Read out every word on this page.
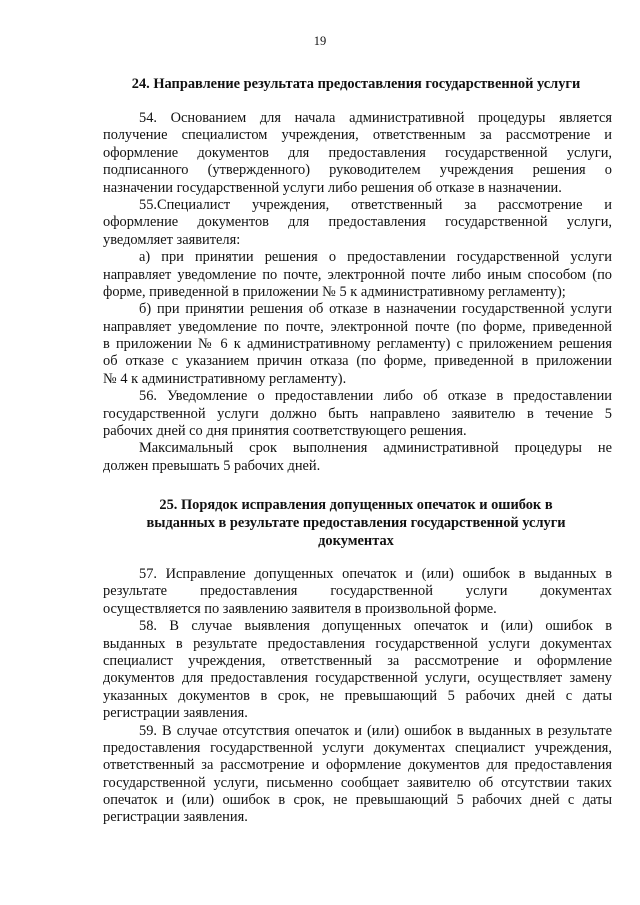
19
24. Направление результата предоставления государственной услуги
54. Основанием для начала административной процедуры является
получение специалистом учреждения, ответственным за рассмотрение и
оформление документов для предоставления государственной услуги,
подписанного (утвержденного) руководителем учреждения решения о
назначении государственной услуги либо решения об отказе в назначении.
55.Специалист учреждения, ответственный за рассмотрение и
оформление документов для предоставления государственной услуги,
уведомляет заявителя:
а) при принятии решения о предоставлении государственной услуги
направляет уведомление по почте, электронной почте либо иным способом (по
форме, приведенной в приложении № 5 к административному регламенту);
б) при принятии решения об отказе в назначении государственной услуги
направляет уведомление по почте, электронной почте (по форме, приведенной
в приложении № 6 к административному регламенту) с приложением решения
об отказе с указанием причин отказа (по форме, приведенной в приложении
№ 4 к административному регламенту).
56. Уведомление о предоставлении либо об отказе в предоставлении
государственной услуги должно быть направлено заявителю в течение 5
рабочих дней со дня принятия соответствующего решения.
Максимальный срок выполнения административной процедуры не
должен превышать 5 рабочих дней.
25. Порядок исправления допущенных опечаток и ошибок в
выданных в результате предоставления государственной услуги
документах
57. Исправление допущенных опечаток и (или) ошибок в выданных в
результате предоставления государственной услуги документах
осуществляется по заявлению заявителя в произвольной форме.
58. В случае выявления допущенных опечаток и (или) ошибок в
выданных в результате предоставления государственной услуги документах
специалист учреждения, ответственный за рассмотрение и оформление
документов для предоставления государственной услуги, осуществляет замену
указанных документов в срок, не превышающий 5 рабочих дней с даты
регистрации заявления.
59. В случае отсутствия опечаток и (или) ошибок в выданных в результате
предоставления государственной услуги документах специалист учреждения,
ответственный за рассмотрение и оформление документов для предоставления
государственной услуги, письменно сообщает заявителю об отсутствии таких
опечаток и (или) ошибок в срок, не превышающий 5 рабочих дней с даты
регистрации заявления.
